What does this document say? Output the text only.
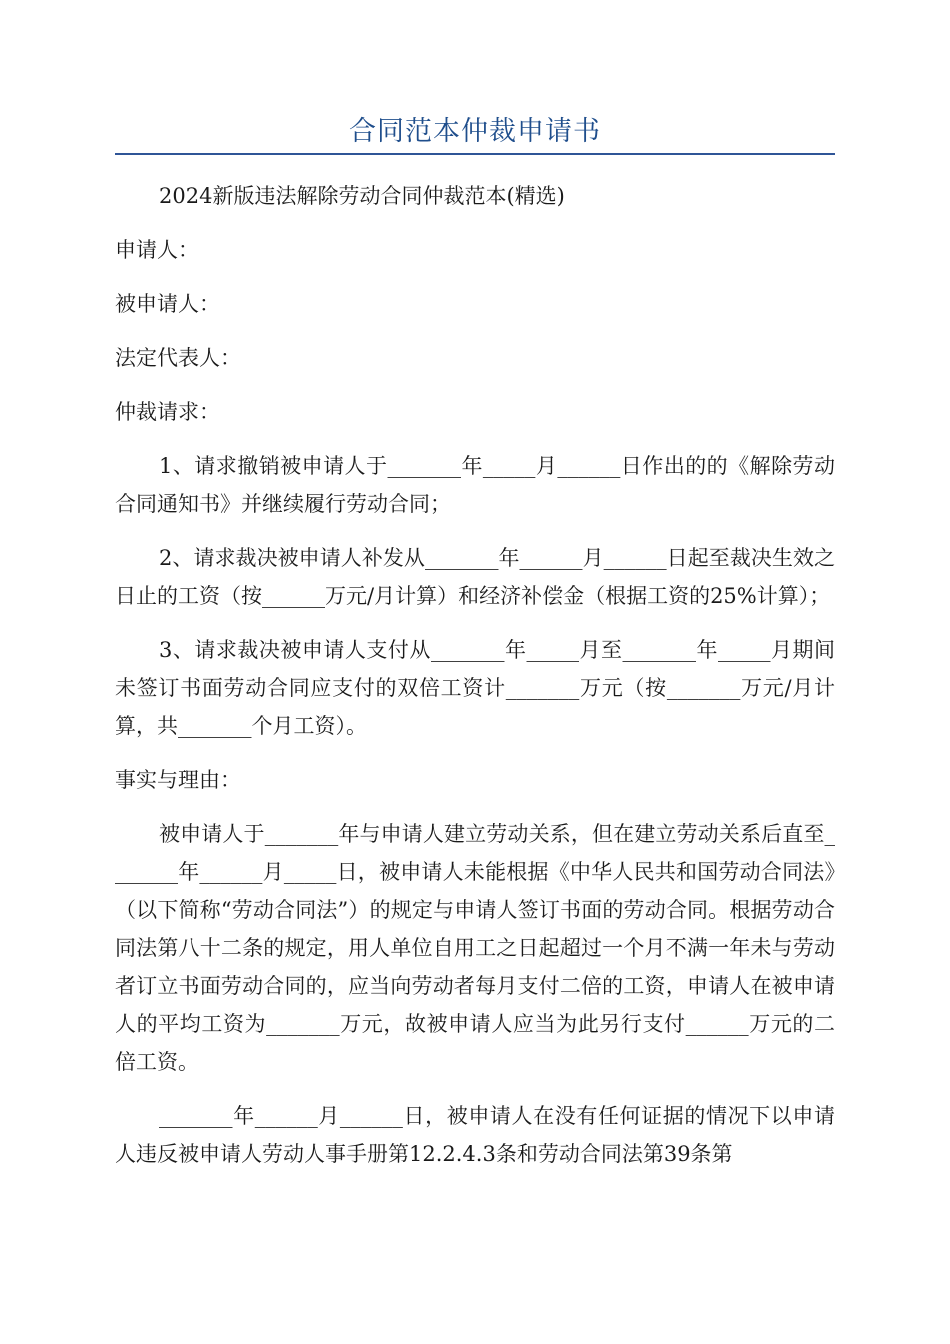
合同范本仲裁申请书

2024新版违法解除劳动合同仲裁范本(精选)

申请人：

被申请人：

法定代表人：

仲裁请求：

1、请求撤销被申请人于_______年_____月______日作出的的《解除劳动合同通知书》并继续履行劳动合同；

2、请求裁决被申请人补发从_______年______月______日起至裁决生效之日止的工资（按______万元/月计算）和经济补偿金（根据工资的25%计算）；

3、请求裁决被申请人支付从_______年_____月至_______年_____月期间未签订书面劳动合同应支付的双倍工资计_______万元（按_______万元/月计算，共_______个月工资）。

事实与理由：

被申请人于_______年与申请人建立劳动关系，但在建立劳动关系后直至_______年______月_____日，被申请人未能根据《中华人民共和国劳动合同法》（以下简称“劳动合同法”）的规定与申请人签订书面的劳动合同。根据劳动合同法第八十二条的规定，用人单位自用工之日起超过一个月不满一年未与劳动者订立书面劳动合同的，应当向劳动者每月支付二倍的工资，申请人在被申请人的平均工资为_______万元，故被申请人应当为此另行支付______万元的二倍工资。

_______年______月______日，被申请人在没有任何证据的情况下以申请人违反被申请人劳动人事手册第12.2.4.3条和劳动合同法第39条第
